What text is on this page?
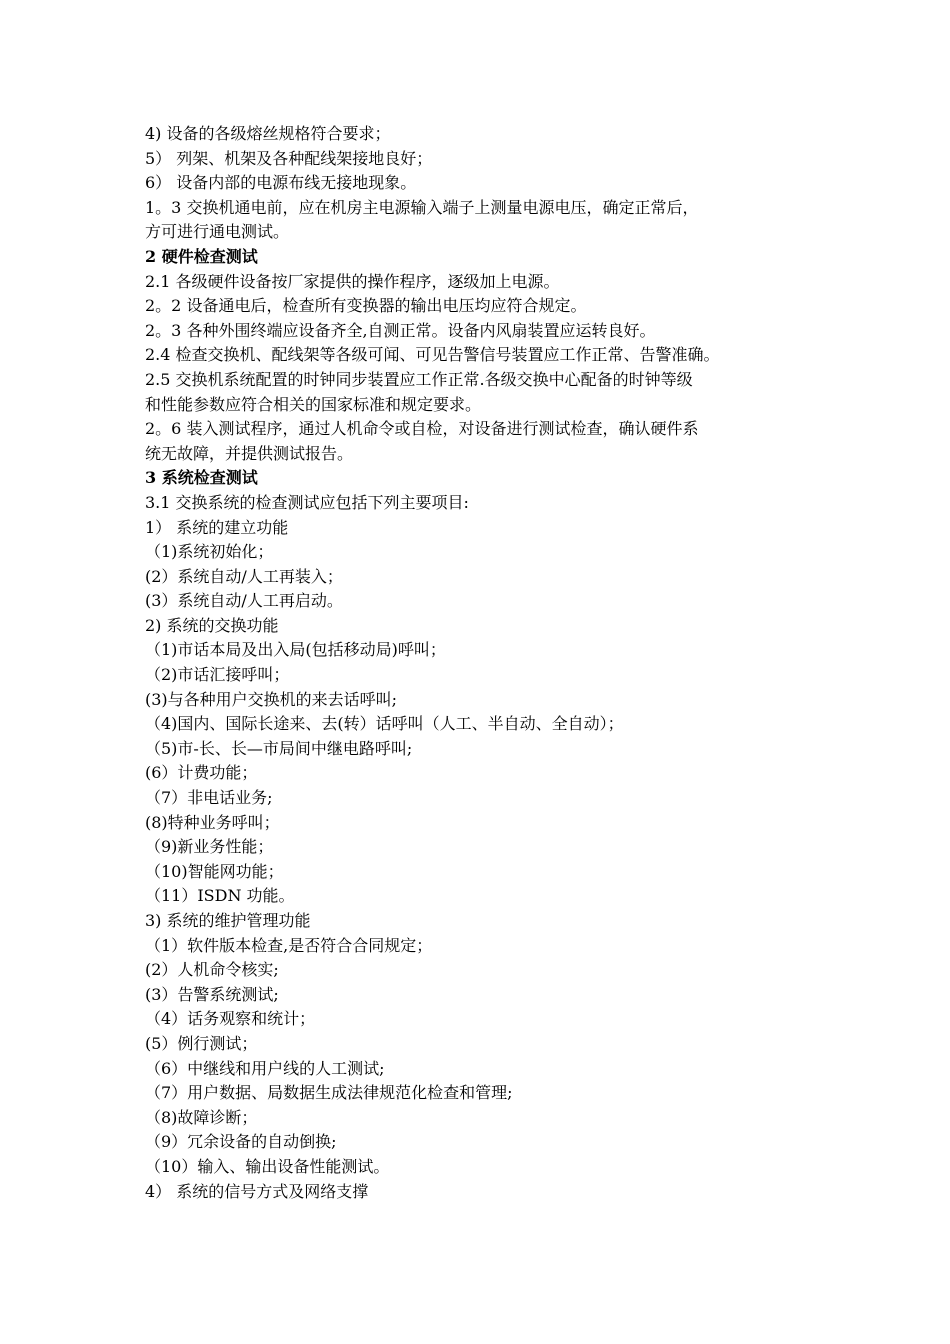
4) 设备的各级熔丝规格符合要求；
5） 列架、机架及各种配线架接地良好；
6） 设备内部的电源布线无接地现象。
1。3 交换机通电前，应在机房主电源输入端子上测量电源电压，确定正常后，
方可进行通电测试。
2 硬件检查测试
2.1 各级硬件设备按厂家提供的操作程序，逐级加上电源。
2。2 设备通电后，检查所有变换器的输出电压均应符合规定。
2。3 各种外围终端应设备齐全,自测正常。设备内风扇装置应运转良好。
2.4 检查交换机、配线架等各级可闻、可见告警信号装置应工作正常、告警准确。
2.5 交换机系统配置的时钟同步装置应工作正常.各级交换中心配备的时钟等级
和性能参数应符合相关的国家标准和规定要求。
2。6 装入测试程序，通过人机命令或自检，对设备进行测试检查，确认硬件系
统无故障，并提供测试报告。
3 系统检查测试
3.1 交换系统的检查测试应包括下列主要项目:
1） 系统的建立功能
（1)系统初始化；
(2）系统自动/人工再装入；
(3）系统自动/人工再启动。
2) 系统的交换功能
（1)市话本局及出入局(包括移动局)呼叫；
（2)市话汇接呼叫；
(3)与各种用户交换机的来去话呼叫;
（4)国内、国际长途来、去(转）话呼叫（人工、半自动、全自动）；
（5)市-长、长—市局间中继电路呼叫;
(6）计费功能；
（7）非电话业务;
(8)特种业务呼叫；
（9)新业务性能；
（10)智能网功能；
（11）ISDN 功能。
3) 系统的维护管理功能
（1）软件版本检查,是否符合合同规定；
(2）人机命令核实;
(3）告警系统测试;
（4）话务观察和统计；
(5）例行测试；
（6）中继线和用户线的人工测试;
（7）用户数据、局数据生成法律规范化检查和管理;
（8)故障诊断；
（9）冗余设备的自动倒换;
（10）输入、输出设备性能测试。
4） 系统的信号方式及网络支撑
